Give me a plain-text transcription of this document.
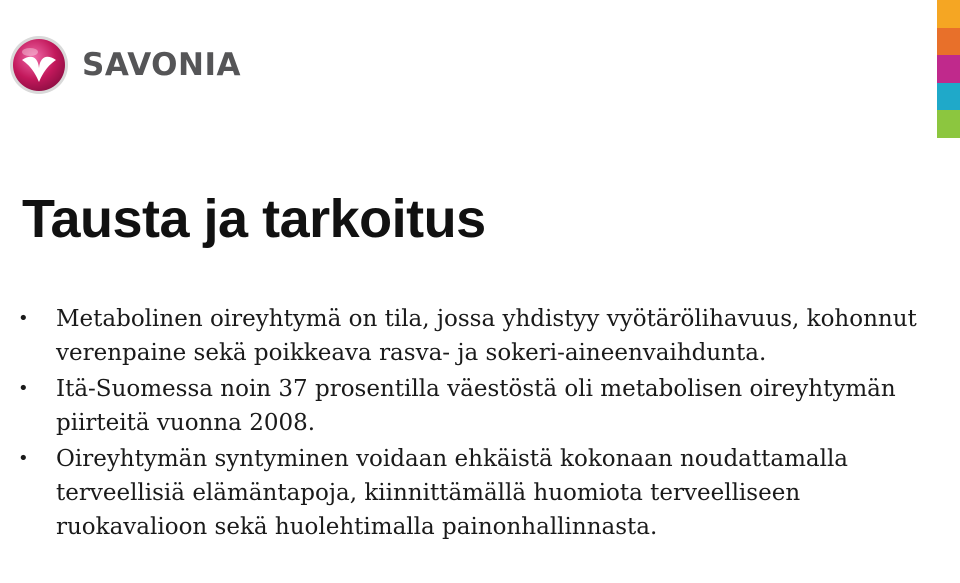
SAVONIA
Tausta ja tarkoitus
• Metabolinen oireyhtymä on tila, jossa yhdistyy vyötärölihavuus, kohonnut verenpaine sekä poikkeava rasva- ja sokeri-aineenvaihdunta.
• Itä-Suomessa noin 37 prosentilla väestöstä oli metabolisen oireyhtymän piirteitä vuonna 2008.
• Oireyhtymän syntyminen voidaan ehkäistä kokonaan noudattamalla terveellisiä elämäntapoja, kiinnittämällä huomiota terveelliseen ruokavalioon sekä huolehtimalla painonhallinnasta.
